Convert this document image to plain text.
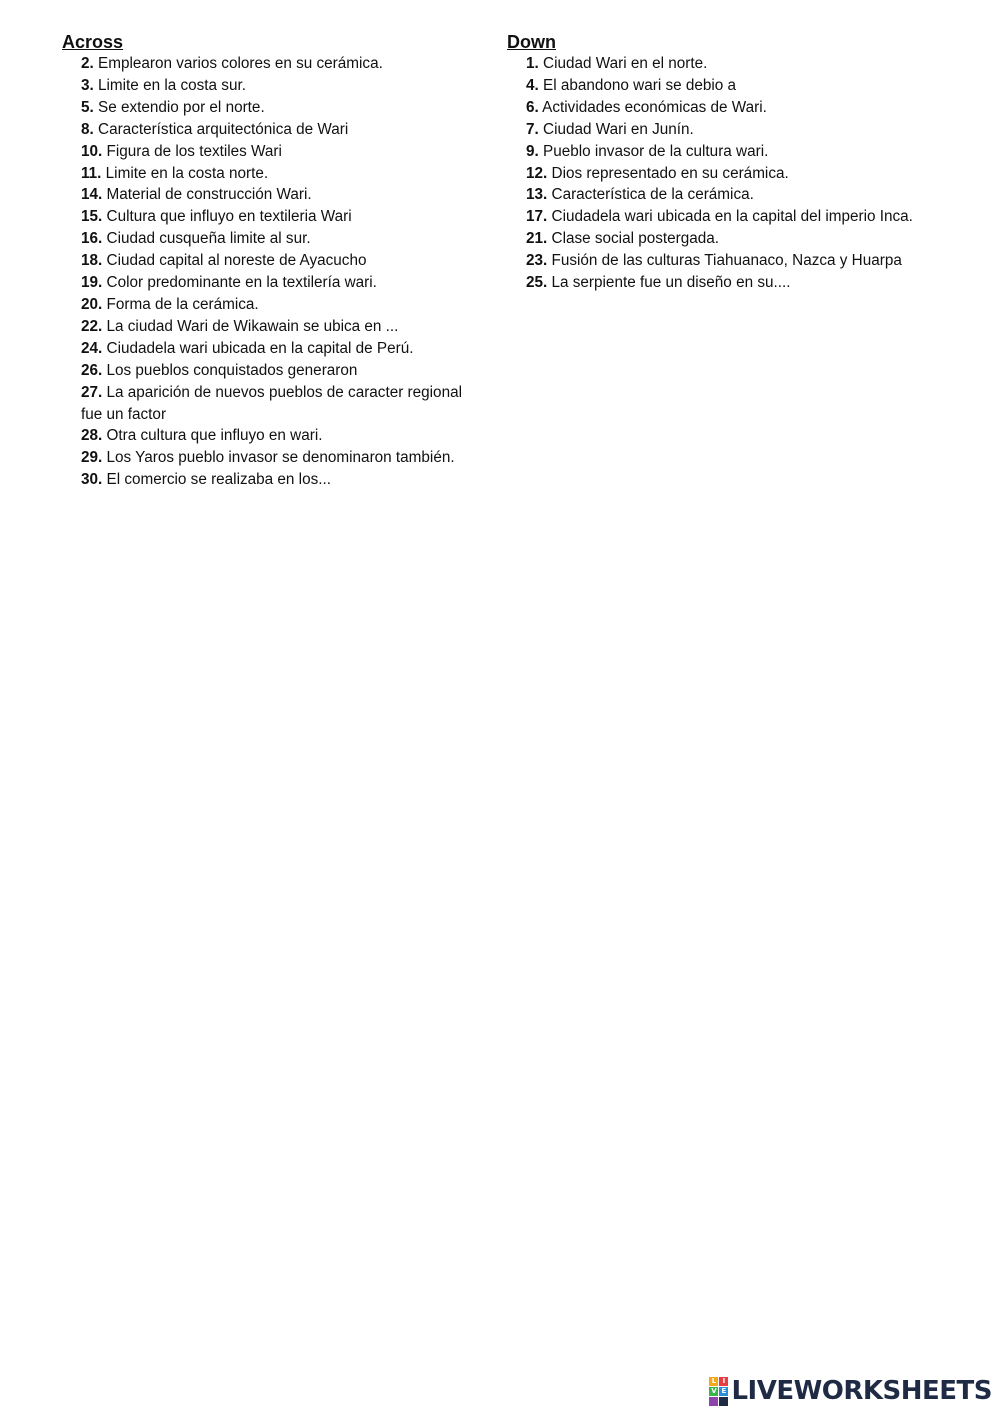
Across
2. Emplearon varios colores en su cerámica.
3. Limite en la costa sur.
5. Se extendio por el norte.
8. Característica arquitectónica de Wari
10. Figura de los textiles Wari
11. Limite en la costa norte.
14. Material de construcción Wari.
15. Cultura que influyo en textileria Wari
16. Ciudad cusqueña limite al sur.
18. Ciudad capital al noreste de Ayacucho
19. Color predominante en la textilería wari.
20. Forma de la cerámica.
22. La ciudad Wari de Wikawain se ubica en ...
24. Ciudadela wari ubicada en la capital de Perú.
26. Los pueblos conquistados generaron
27. La aparición de nuevos pueblos de caracter regional fue un factor
28. Otra cultura que influyo en wari.
29. Los Yaros pueblo invasor se denominaron también.
30. El comercio se realizaba en los...
Down
1. Ciudad Wari en el norte.
4. El abandono wari se debio a
6. Actividades económicas de Wari.
7. Ciudad Wari en Junín.
9. Pueblo invasor de la cultura wari.
12. Dios representado en su cerámica.
13. Característica de la cerámica.
17. Ciudadela wari ubicada en la capital del imperio Inca.
21. Clase social postergada.
23. Fusión de las culturas Tiahuanaco, Nazca y Huarpa
25. La serpiente fue un diseño en su....
L I
V E LIVEWORKSHEETS
